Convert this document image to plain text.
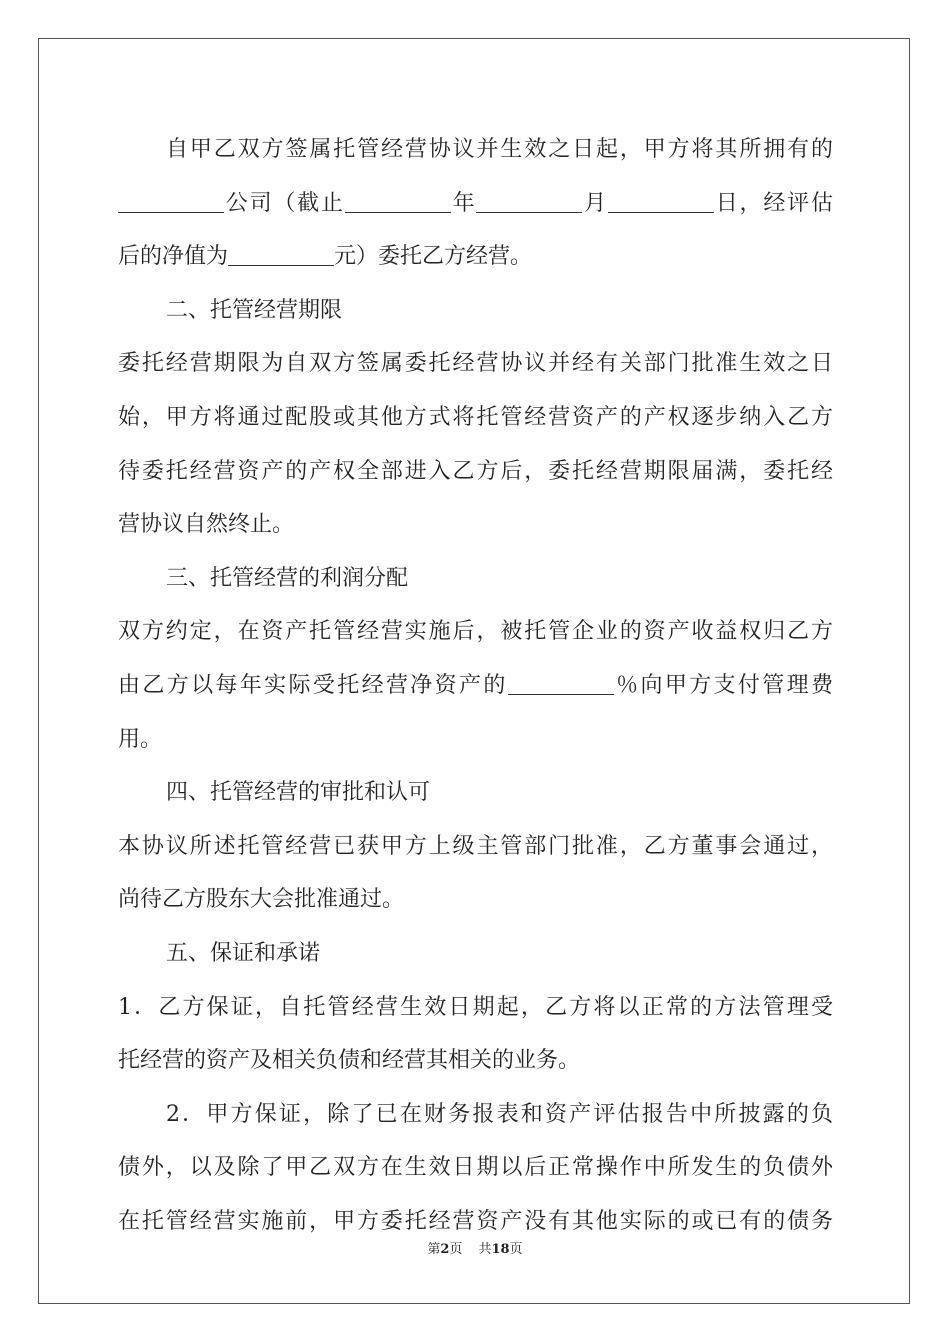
自甲乙双方签属托管经营协议并生效之日起，甲方将其所拥有的
公司（截止	年	月	日，经评估
后的净值为	元）委托乙方经营。
二、托管经营期限
委托经营期限为自双方签属委托经营协议并经有关部门批准生效之日
始，甲方将通过配股或其他方式将托管经营资产的产权逐步纳入乙方
待委托经营资产的产权全部进入乙方后，委托经营期限届满，委托经
营协议自然终止。
三、托管经营的利润分配
双方约定，在资产托管经营实施后，被托管企业的资产收益权归乙方
由乙方以每年实际受托经营净资产的	％向甲方支付管理费
用。
四、托管经营的审批和认可
本协议所述托管经营已获甲方上级主管部门批准，乙方董事会通过，
尚待乙方股东大会批准通过。
五、保证和承诺
1．乙方保证，自托管经营生效日期起，乙方将以正常的方法管理受
托经营的资产及相关负债和经营其相关的业务。
2．甲方保证，除了已在财务报表和资产评估报告中所披露的负
债外，以及除了甲乙双方在生效日期以后正常操作中所发生的负债外
在托管经营实施前，甲方委托经营资产没有其他实际的或已有的债务
第2页 共18页
